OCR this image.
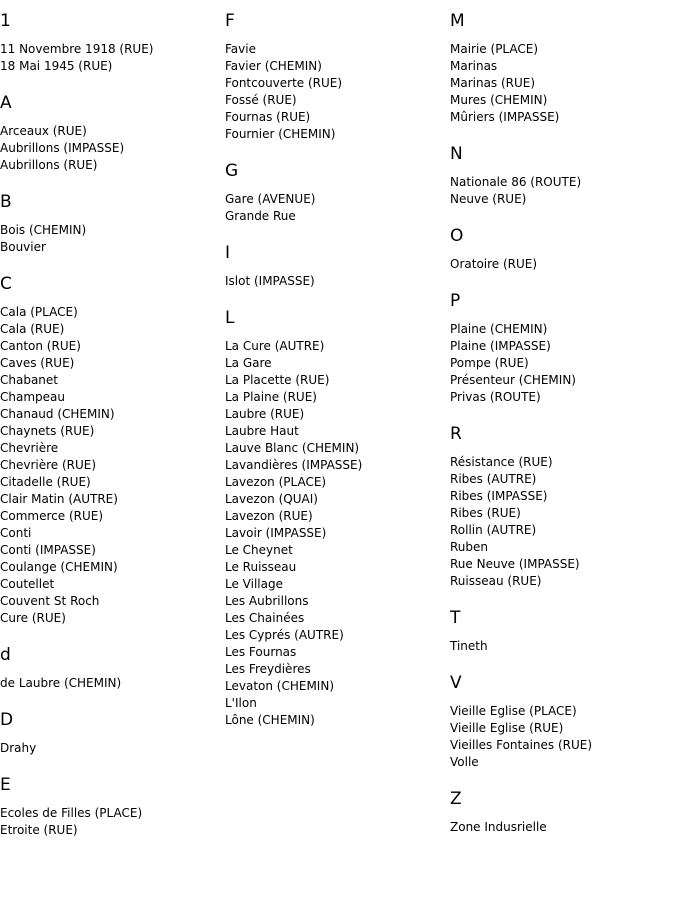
1
11 Novembre 1918 (RUE)
18 Mai 1945 (RUE)
A
Arceaux (RUE)
Aubrillons (IMPASSE)
Aubrillons (RUE)
B
Bois (CHEMIN)
Bouvier
C
Cala (PLACE)
Cala (RUE)
Canton (RUE)
Caves (RUE)
Chabanet
Champeau
Chanaud (CHEMIN)
Chaynets (RUE)
Chevrière
Chevrière (RUE)
Citadelle (RUE)
Clair Matin (AUTRE)
Commerce (RUE)
Conti
Conti (IMPASSE)
Coulange (CHEMIN)
Coutellet
Couvent St Roch
Cure (RUE)
d
de Laubre (CHEMIN)
D
Drahy
E
Ecoles de Filles (PLACE)
Etroite (RUE)
F
Favie
Favier (CHEMIN)
Fontcouverte (RUE)
Fossé (RUE)
Fournas (RUE)
Fournier (CHEMIN)
G
Gare (AVENUE)
Grande Rue
I
Islot (IMPASSE)
L
La Cure (AUTRE)
La Gare
La Placette (RUE)
La Plaine (RUE)
Laubre (RUE)
Laubre Haut
Lauve Blanc (CHEMIN)
Lavandières (IMPASSE)
Lavezon (PLACE)
Lavezon (QUAI)
Lavezon (RUE)
Lavoir (IMPASSE)
Le Cheynet
Le Ruisseau
Le Village
Les Aubrillons
Les Chainées
Les Cyprés (AUTRE)
Les Fournas
Les Freydières
Levaton (CHEMIN)
L'Ilon
Lône (CHEMIN)
M
Mairie (PLACE)
Marinas
Marinas (RUE)
Mures (CHEMIN)
Mûriers (IMPASSE)
N
Nationale 86 (ROUTE)
Neuve (RUE)
O
Oratoire (RUE)
P
Plaine (CHEMIN)
Plaine (IMPASSE)
Pompe (RUE)
Présenteur (CHEMIN)
Privas (ROUTE)
R
Résistance (RUE)
Ribes (AUTRE)
Ribes (IMPASSE)
Ribes (RUE)
Rollin (AUTRE)
Ruben
Rue Neuve (IMPASSE)
Ruisseau (RUE)
T
Tineth
V
Vieille Eglise (PLACE)
Vieille Eglise (RUE)
Vieilles Fontaines (RUE)
Volle
Z
Zone Indusrielle
